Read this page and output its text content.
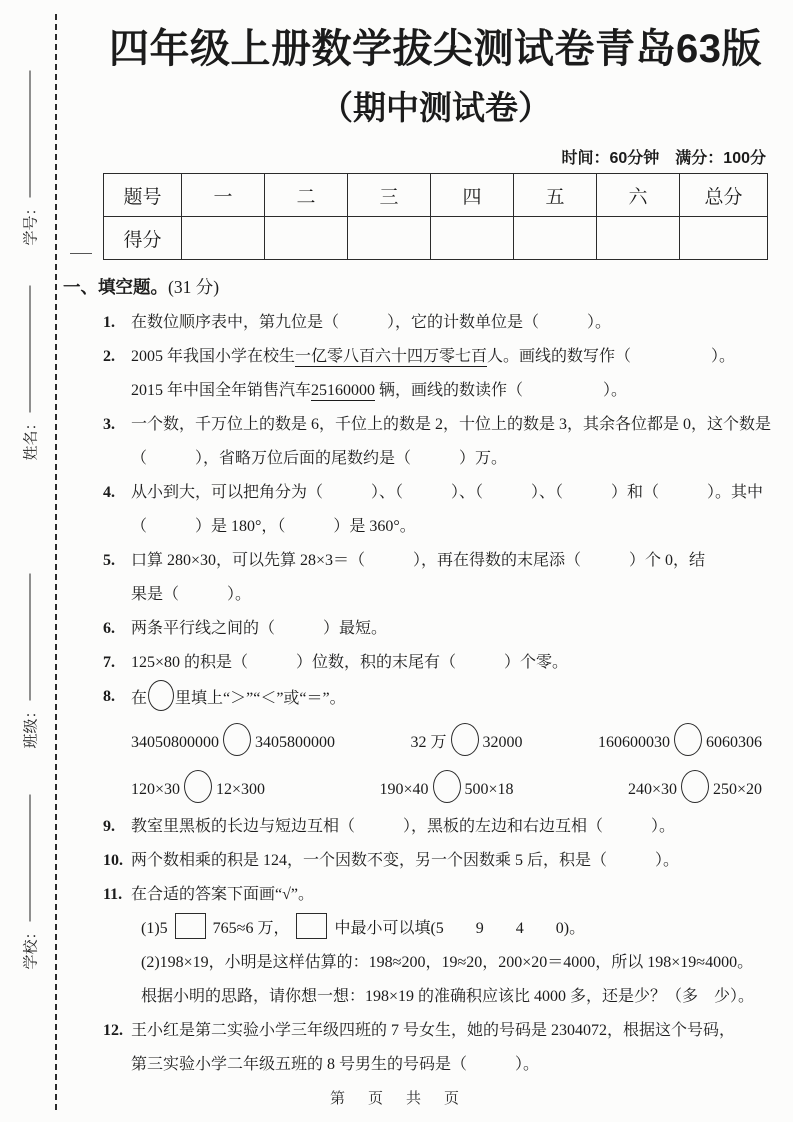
学号：
姓名：
班级：
学校：
四年级上册数学拔尖测试卷青岛63版
（期中测试卷）
时间：60分钟　满分：100分
题号	一	二	三	四	五	六	总分
得分							
一、填空题。(31 分)
1.	在数位顺序表中，第九位是（　　　），它的计数单位是（　　　）。
2.	2005 年我国小学在校生一亿零八百六十四万零七百人。画线的数写作（　　　　　）。
2015 年中国全年销售汽车25160000 辆，画线的数读作（　　　　　）。
3.	一个数，千万位上的数是 6，千位上的数是 2，十位上的数是 3，其余各位都是 0，这个数是
（　　　），省略万位后面的尾数约是（　　　）万。
4.	从小到大，可以把角分为（　　　）、（　　　）、（　　　）、（　　　）和（　　　）。其中
（　　　）是 180°，（　　　）是 360°。
5.	口算 280×30，可以先算 28×3＝（　　　），再在得数的末尾添（　　　）个 0，结
果是（　　　）。
6.	两条平行线之间的（　　　）最短。
7.	125×80 的积是（　　　）位数，积的末尾有（　　　）个零。
8.	在 里填上“＞”“＜”或“＝”。
34050800000 3405800000	32 万 32000	160600030 6060306
120×30 12×300	190×40 500×18	240×30 250×20
9.	教室里黑板的长边与短边互相（　　　），黑板的左边和右边互相（　　　）。
10. 两个数相乘的积是 124，一个因数不变，另一个因数乘 5 后，积是（　　　）。
11. 在合适的答案下面画“√”。
(1)5	765≈6 万，	中最小可以填(5　　9　　4　　0)。
(2)198×19，小明是这样估算的：198≈200，19≈20，200×20＝4000，所以 198×19≈4000。
根据小明的思路，请你想一想：198×19 的准确积应该比 4000 多，还是少？（多　少）。
12. 王小红是第二实验小学三年级四班的 7 号女生，她的号码是 2304072，根据这个号码，
第三实验小学二年级五班的 8 号男生的号码是（　　　）。
第　页　共　页
